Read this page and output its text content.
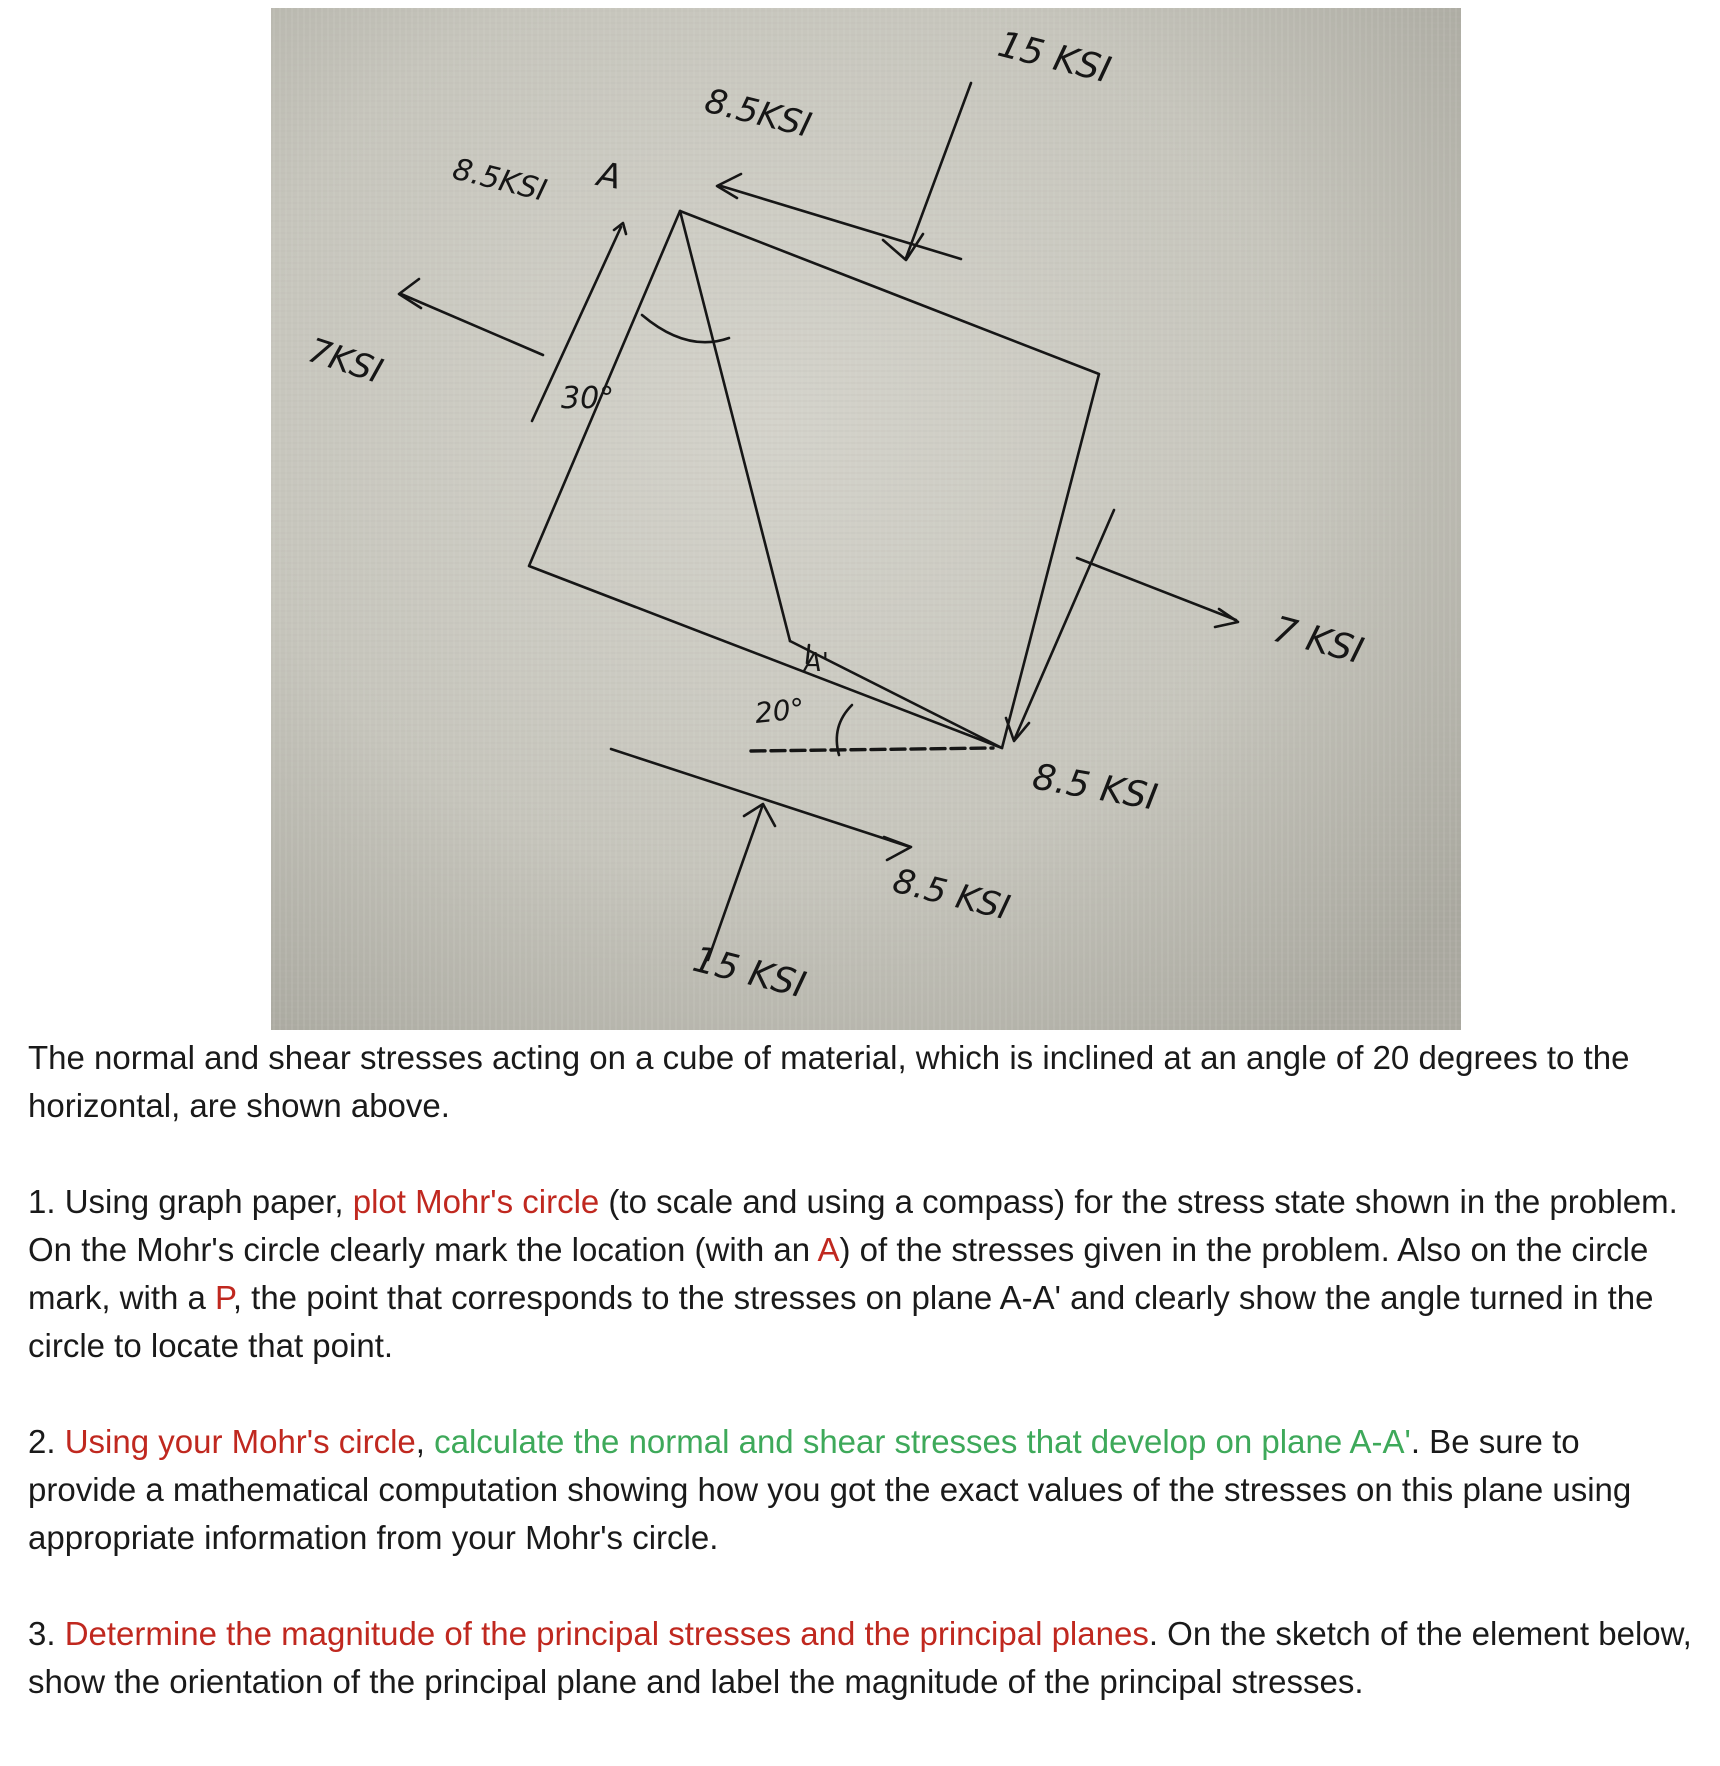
15 KSI
8.5KSI
8.5KSI A
7KSI
30°
A'
20°
7 KSI
8.5 KSI
8.5 KSI
15 KSI

The normal and shear stresses acting on a cube of material, which is inclined at an angle of 20 degrees to the horizontal, are shown above.

1. Using graph paper, plot Mohr's circle (to scale and using a compass) for the stress state shown in the problem. On the Mohr's circle clearly mark the location (with an A) of the stresses given in the problem. Also on the circle mark, with a P, the point that corresponds to the stresses on plane A-A' and clearly show the angle turned in the circle to locate that point.

2. Using your Mohr's circle, calculate the normal and shear stresses that develop on plane A-A'. Be sure to provide a mathematical computation showing how you got the exact values of the stresses on this plane using appropriate information from your Mohr's circle.

3. Determine the magnitude of the principal stresses and the principal planes. On the sketch of the element below, show the orientation of the principal plane and label the magnitude of the principal stresses.
